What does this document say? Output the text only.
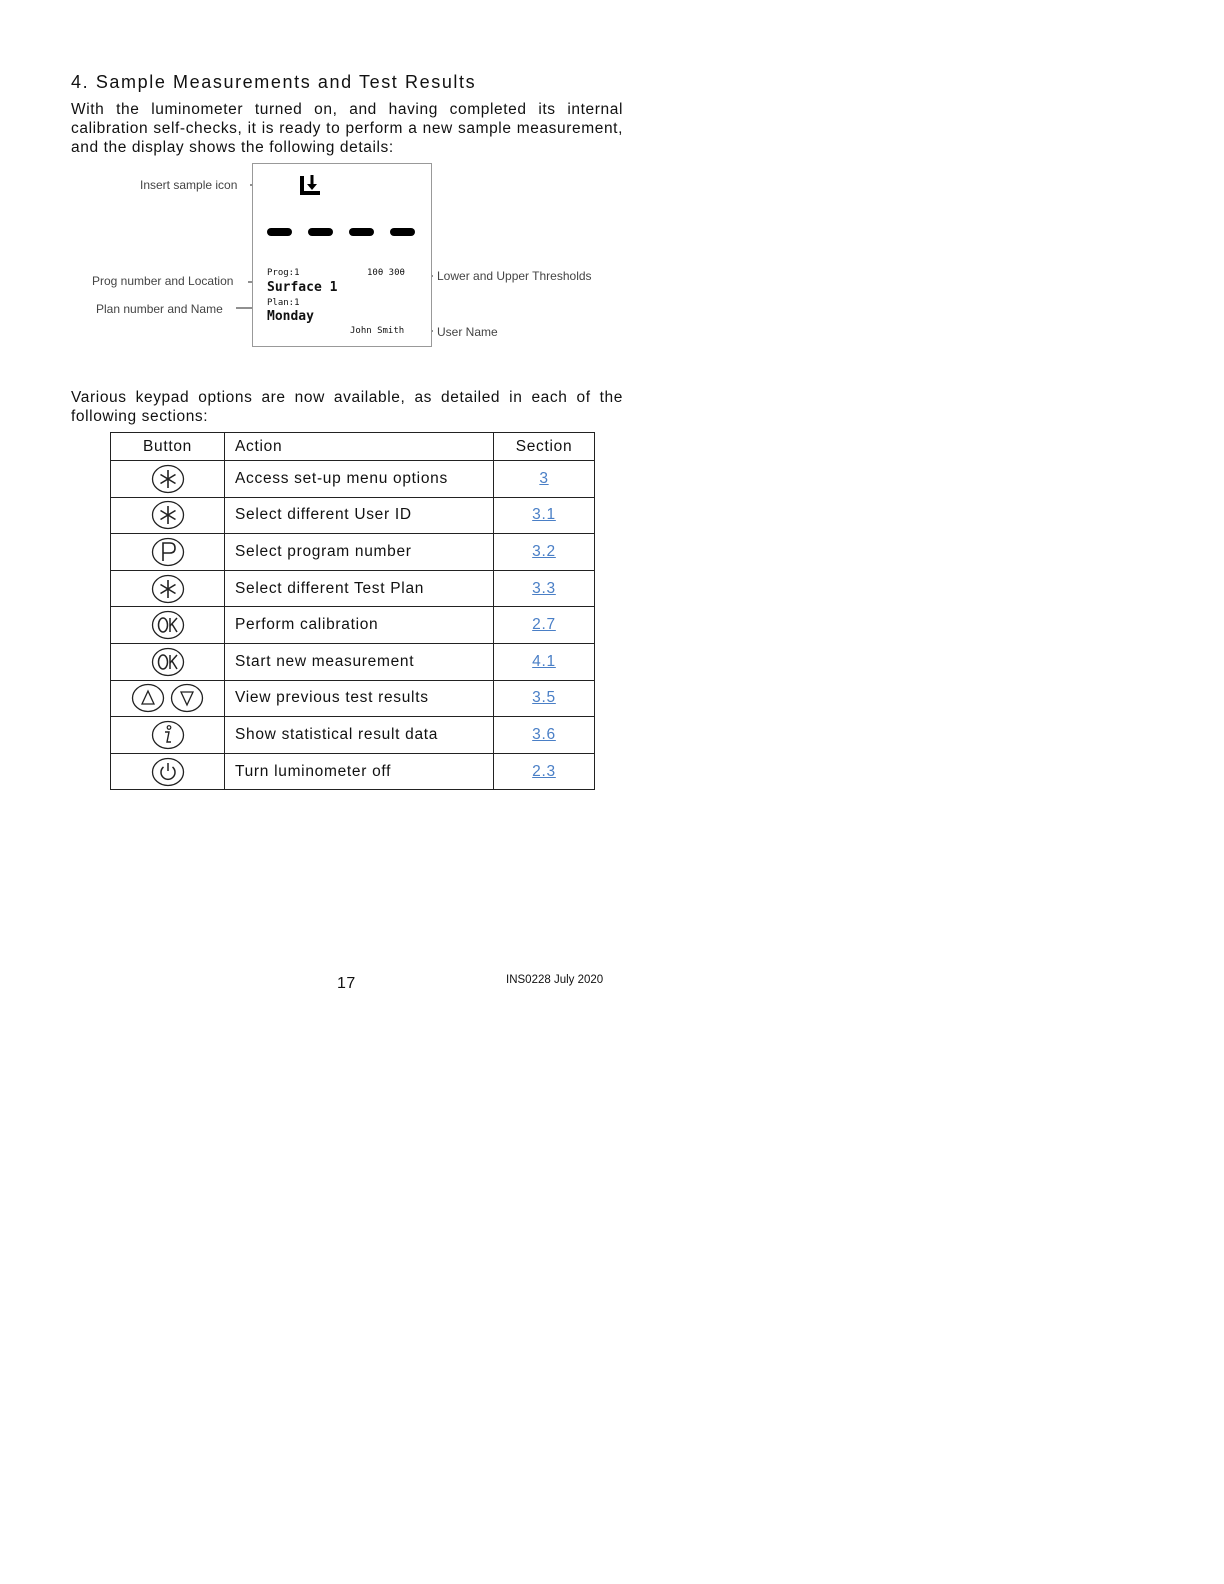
4. Sample Measurements and Test Results

With the luminometer turned on, and having completed its internal calibration self-checks, it is ready to perform a new sample measurement, and the display shows the following details:

Insert sample icon
Prog number and Location
Plan number and Name
Lower and Upper Thresholds
User Name
Prog:1	10θ 30θ
Surface 1
Plan:1
Monday
John Smith

Various keypad options are now available, as detailed in each of the following sections:

Button	Action	Section
	Access set-up menu options	3
	Select different User ID	3.1
	Select program number	3.2
	Select different Test Plan	3.3
	Perform calibration	2.7
	Start new measurement	4.1
	View previous test results	3.5
	Show statistical result data	3.6
	Turn luminometer off	2.3
17	INS0228 July 2020
